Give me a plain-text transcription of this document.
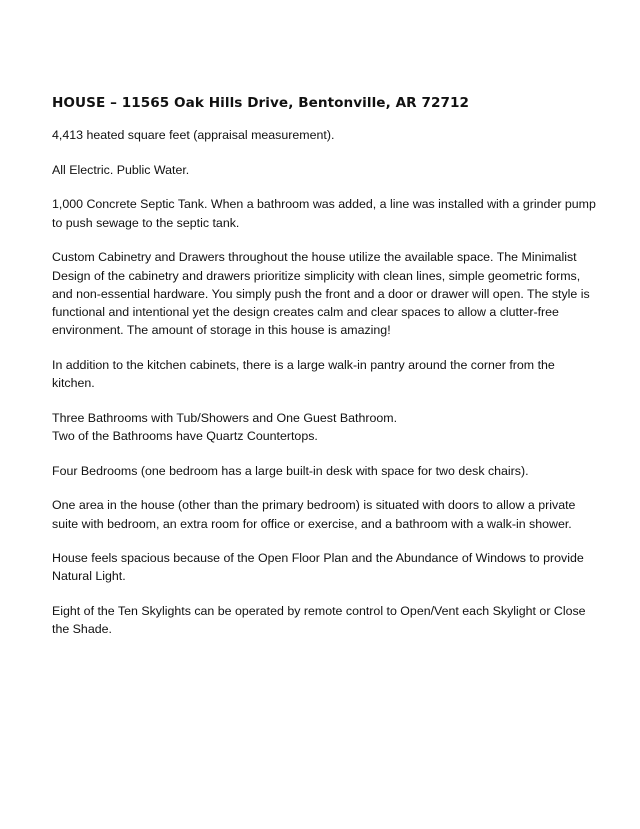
HOUSE – 11565 Oak Hills Drive, Bentonville, AR 72712
4,413 heated square feet (appraisal measurement).
All Electric. Public Water.
1,000 Concrete Septic Tank. When a bathroom was added, a line was installed with a grinder pump to push sewage to the septic tank.
Custom Cabinetry and Drawers throughout the house utilize the available space. The Minimalist Design of the cabinetry and drawers prioritize simplicity with clean lines, simple geometric forms, and non-essential hardware. You simply push the front and a door or drawer will open. The style is functional and intentional yet the design creates calm and clear spaces to allow a clutter-free environment. The amount of storage in this house is amazing!
In addition to the kitchen cabinets, there is a large walk-in pantry around the corner from the kitchen.
Three Bathrooms with Tub/Showers and One Guest Bathroom.
Two of the Bathrooms have Quartz Countertops.
Four Bedrooms (one bedroom has a large built-in desk with space for two desk chairs).
One area in the house (other than the primary bedroom) is situated with doors to allow a private suite with bedroom, an extra room for office or exercise, and a bathroom with a walk-in shower.
House feels spacious because of the Open Floor Plan and the Abundance of Windows to provide Natural Light.
Eight of the Ten Skylights can be operated by remote control to Open/Vent each Skylight or Close the Shade.
